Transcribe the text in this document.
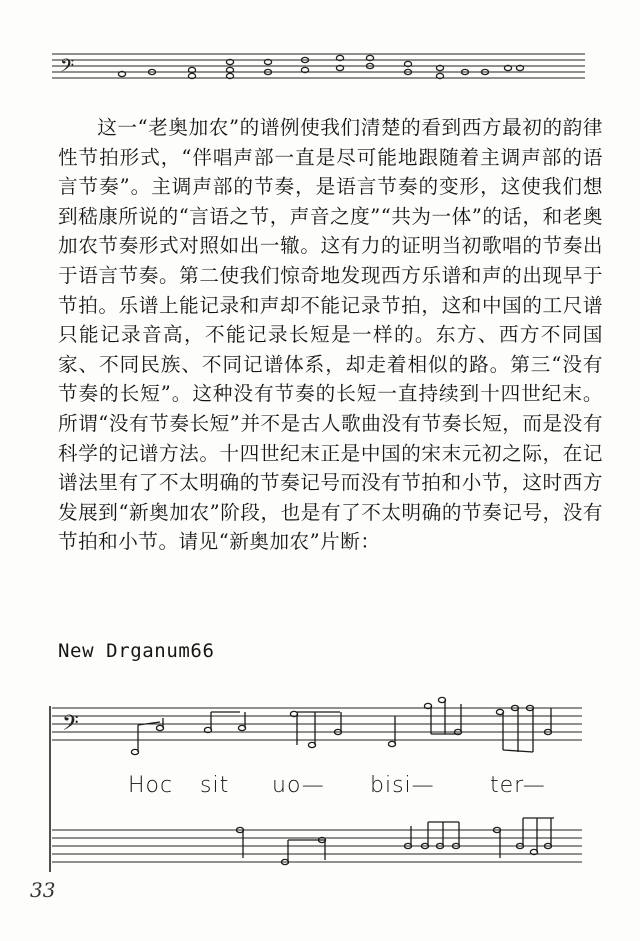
𝄢

这一“老奥加农”的谱例使我们清楚的看到西方最初的韵律性节拍形式，“伴唱声部一直是尽可能地跟随着主调声部的语言节奏”。主调声部的节奏，是语言节奏的变形，这使我们想到嵇康所说的“言语之节，声音之度”“共为一体”的话，和老奥加农节奏形式对照如出一辙。这有力的证明当初歌唱的节奏出于语言节奏。第二使我们惊奇地发现西方乐谱和声的出现早于节拍。乐谱上能记录和声却不能记录节拍，这和中国的工尺谱只能记录音高，不能记录长短是一样的。东方、西方不同国家、不同民族、不同记谱体系，却走着相似的路。第三“没有节奏的长短”。这种没有节奏的长短一直持续到十四世纪末。所谓“没有节奏长短”并不是古人歌曲没有节奏长短，而是没有科学的记谱方法。十四世纪末正是中国的宋末元初之际，在记谱法里有了不太明确的节奏记号而没有节拍和小节，这时西方发展到“新奥加农”阶段，也是有了不太明确的节奏记号，没有节拍和小节。请见“新奥加农”片断：

New Drganum66
𝄢
Hoc sit uo— bisi—	ter—
33
